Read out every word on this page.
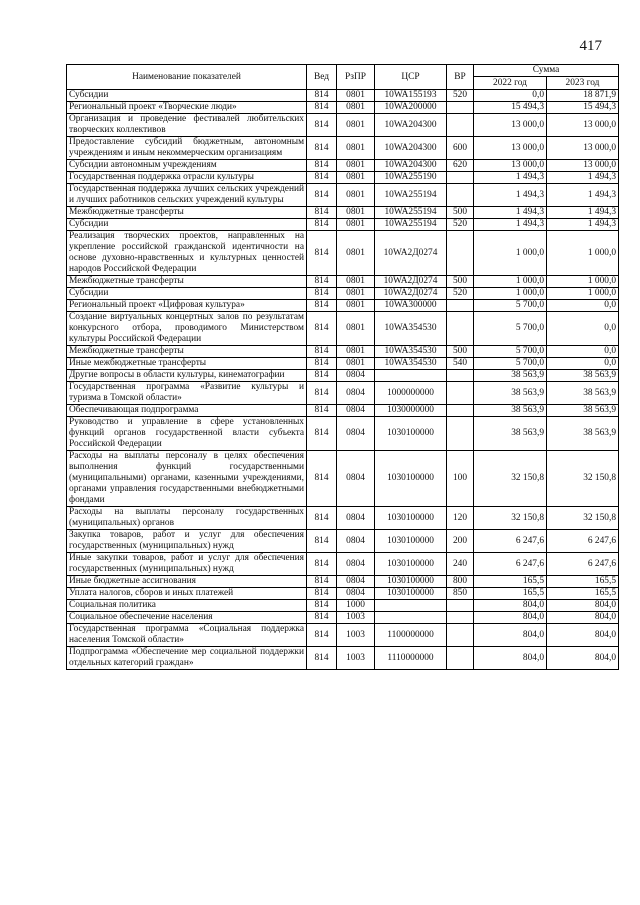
417
Наименование показателей	Вед	РзПР	ЦСР	ВР	Сумма	
					2022 год	2023 год
Субсидии	814	0801	10WA155193	520	0,0	18 871,9
Региональный проект «Творческие люди»	814	0801	10WA200000		15 494,3	15 494,3
Организация и проведение фестивалей любительских творческих коллективов	814	0801	10WA204300		13 000,0	13 000,0
Предоставление субсидий бюджетным, автономным учреждениям и иным некоммерческим организациям	814	0801	10WA204300	600	13 000,0	13 000,0
Субсидии автономным учреждениям	814	0801	10WA204300	620	13 000,0	13 000,0
Государственная поддержка отрасли культуры	814	0801	10WA255190		1 494,3	1 494,3
Государственная поддержка лучших сельских учреждений и лучших работников сельских учреждений культуры	814	0801	10WA255194		1 494,3	1 494,3
Межбюджетные трансферты	814	0801	10WA255194	500	1 494,3	1 494,3
Субсидии	814	0801	10WA255194	520	1 494,3	1 494,3
Реализация творческих проектов, направленных на укрепление российской гражданской идентичности на основе духовно-нравственных и культурных ценностей народов Российской Федерации	814	0801	10WA2Д0274		1 000,0	1 000,0
Межбюджетные трансферты	814	0801	10WA2Д0274	500	1 000,0	1 000,0
Субсидии	814	0801	10WA2Д0274	520	1 000,0	1 000,0
Региональный проект «Цифровая культура»	814	0801	10WA300000		5 700,0	0,0
Создание виртуальных концертных залов по результатам конкурсного отбора, проводимого Министерством культуры Российской Федерации	814	0801	10WA354530		5 700,0	0,0
Межбюджетные трансферты	814	0801	10WA354530	500	5 700,0	0,0
Иные межбюджетные трансферты	814	0801	10WA354530	540	5 700,0	0,0
Другие вопросы в области культуры, кинематографии	814	0804			38 563,9	38 563,9
Государственная программа «Развитие культуры и туризма в Томской области»	814	0804	1000000000		38 563,9	38 563,9
Обеспечивающая подпрограмма	814	0804	1030000000		38 563,9	38 563,9
Руководство и управление в сфере установленных функций органов государственной власти субъекта Российской Федерации	814	0804	1030100000		38 563,9	38 563,9
Расходы на выплаты персоналу в целях обеспечения выполнения функций государственными (муниципальными) органами, казенными учреждениями, органами управления государственными внебюджетными фондами	814	0804	1030100000	100	32 150,8	32 150,8
Расходы на выплаты персоналу государственных (муниципальных) органов	814	0804	1030100000	120	32 150,8	32 150,8
Закупка товаров, работ и услуг для обеспечения государственных (муниципальных) нужд	814	0804	1030100000	200	6 247,6	6 247,6
Иные закупки товаров, работ и услуг для обеспечения государственных (муниципальных) нужд	814	0804	1030100000	240	6 247,6	6 247,6
Иные бюджетные ассигнования	814	0804	1030100000	800	165,5	165,5
Уплата налогов, сборов и иных платежей	814	0804	1030100000	850	165,5	165,5
Социальная политика	814	1000			804,0	804,0
Социальное обеспечение населения	814	1003			804,0	804,0
Государственная программа «Социальная поддержка населения Томской области»	814	1003	1100000000		804,0	804,0
Подпрограмма «Обеспечение мер социальной поддержки отдельных категорий граждан»	814	1003	1110000000		804,0	804,0
